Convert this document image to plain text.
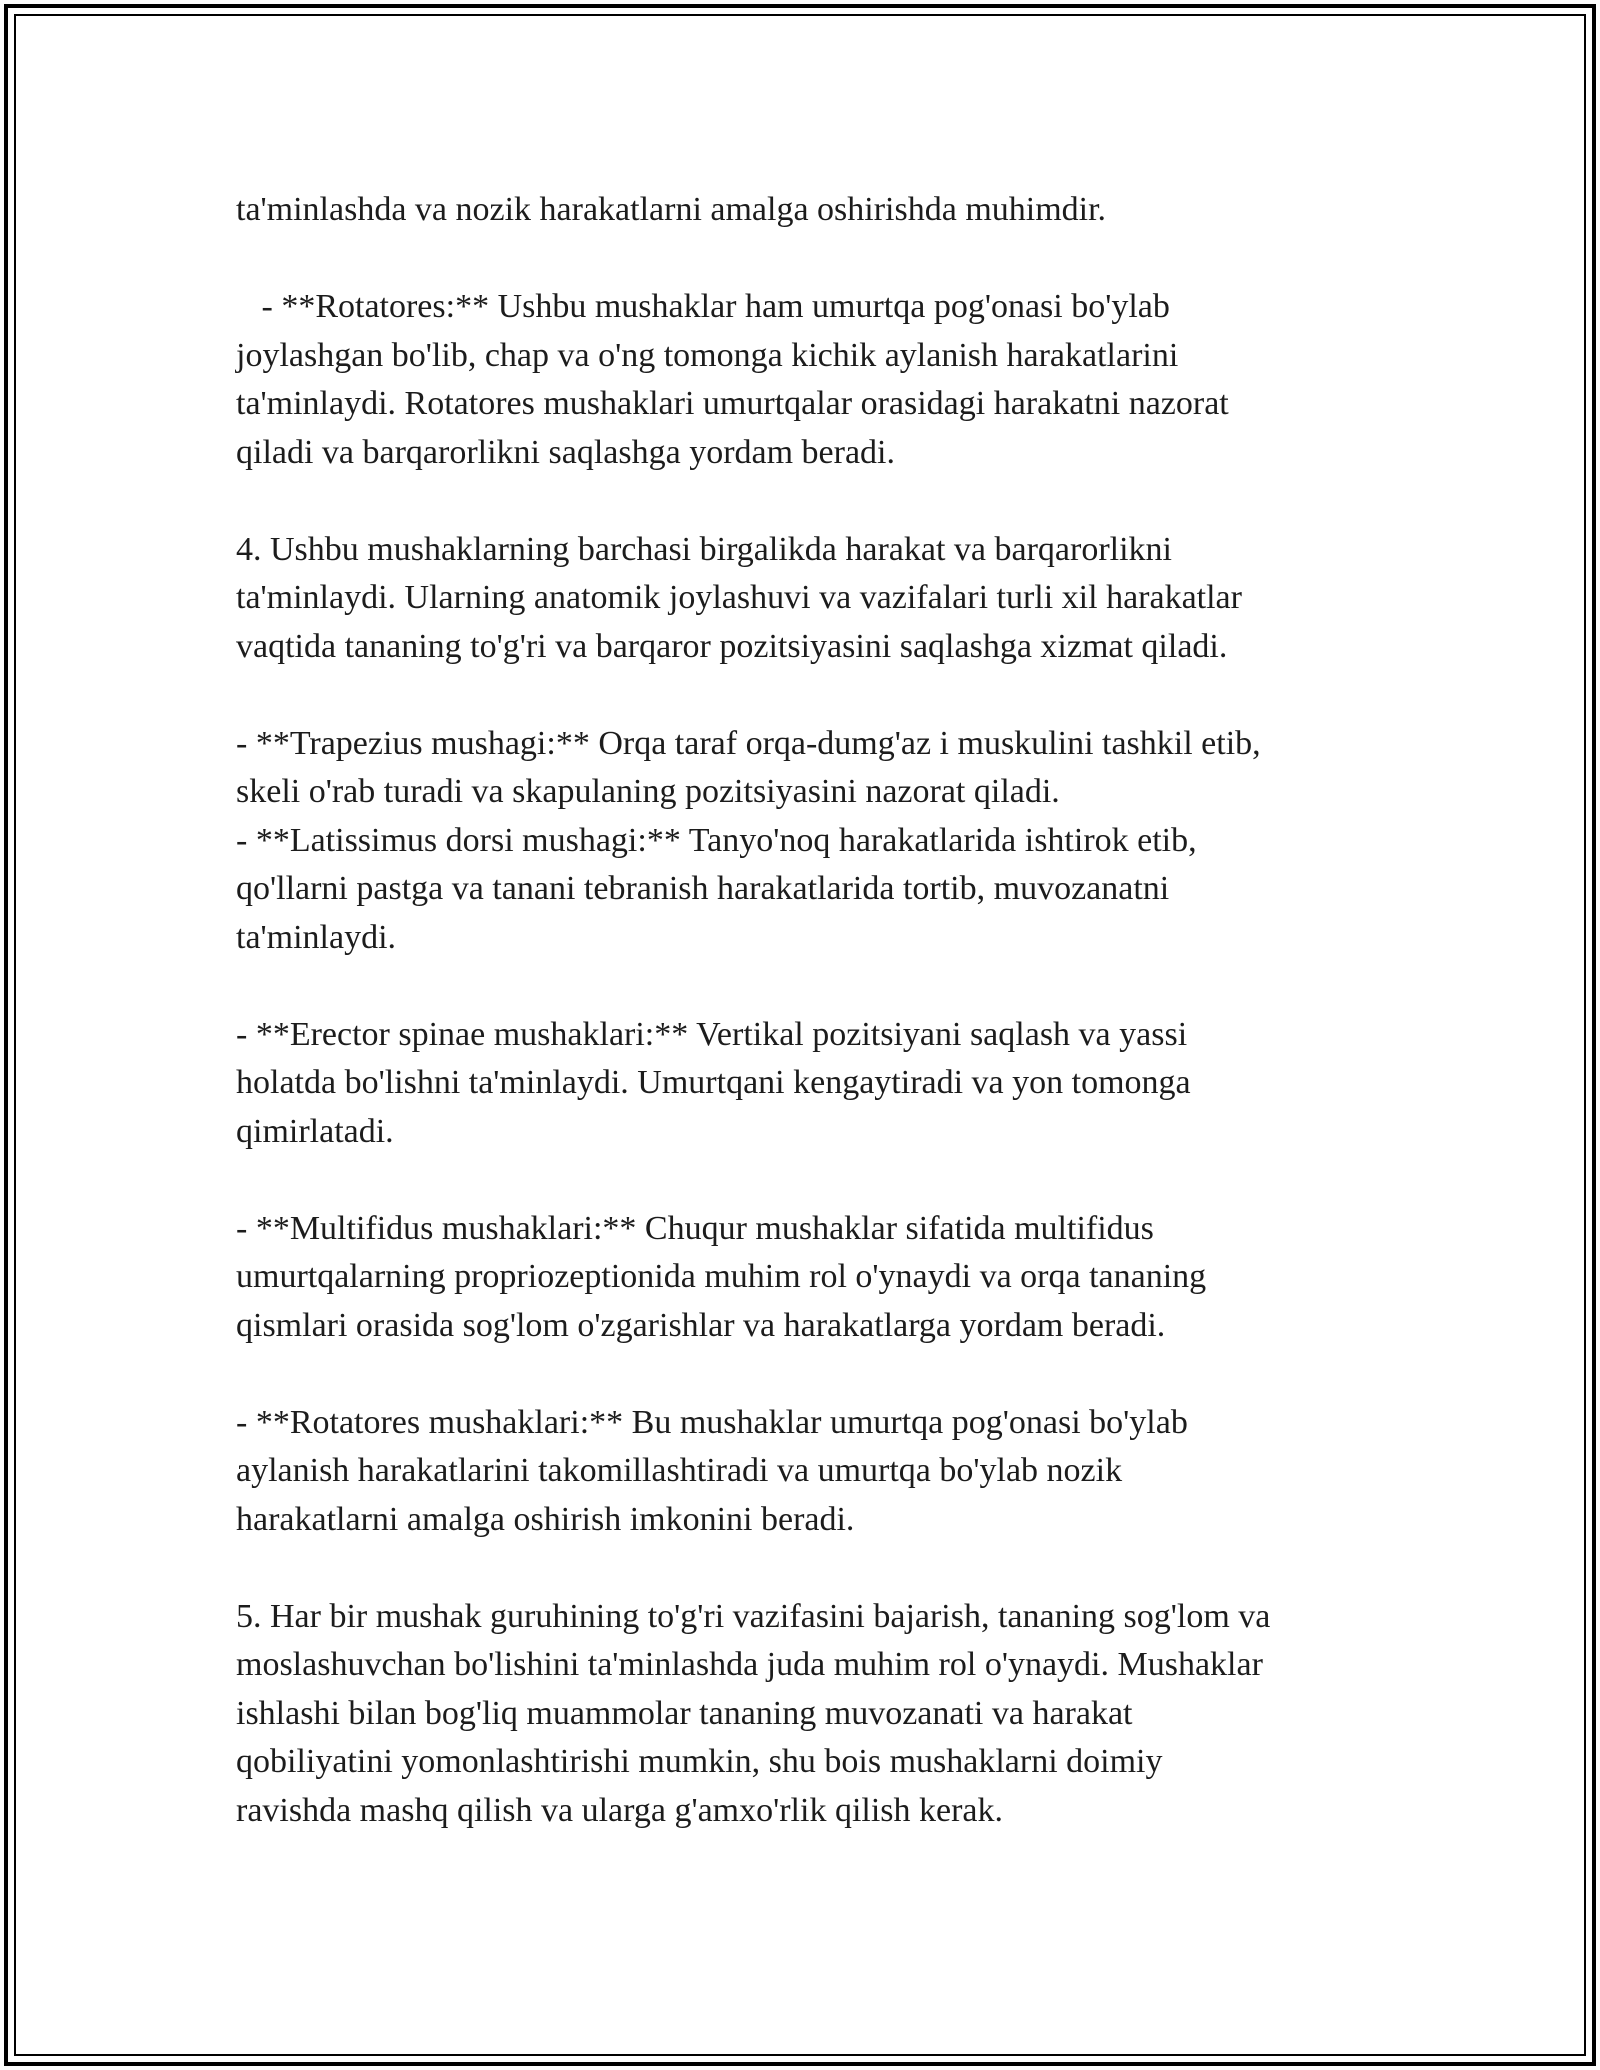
ta'minlashda va nozik harakatlarni amalga oshirishda muhimdir.
- **Rotatores:** Ushbu mushaklar ham umurtqa pog'onasi bo'ylab
joylashgan bo'lib, chap va o'ng tomonga kichik aylanish harakatlarini
ta'minlaydi. Rotatores mushaklari umurtqalar orasidagi harakatni nazorat
qiladi va barqarorlikni saqlashga yordam beradi.
4. Ushbu mushaklarning barchasi birgalikda harakat va barqarorlikni
ta'minlaydi. Ularning anatomik joylashuvi va vazifalari turli xil harakatlar
vaqtida tananing to'g'ri va barqaror pozitsiyasini saqlashga xizmat qiladi.
- **Trapezius mushagi:** Orqa taraf orqa-dumg'az i muskulini tashkil etib,
skeli o'rab turadi va skapulaning pozitsiyasini nazorat qiladi.
- **Latissimus dorsi mushagi:** Tanyo'noq harakatlarida ishtirok etib,
qo'llarni pastga va tanani tebranish harakatlarida tortib, muvozanatni
ta'minlaydi.
- **Erector spinae mushaklari:** Vertikal pozitsiyani saqlash va yassi
holatda bo'lishni ta'minlaydi. Umurtqani kengaytiradi va yon tomonga
qimirlatadi.
- **Multifidus mushaklari:** Chuqur mushaklar sifatida multifidus
umurtqalarning propriozeptionida muhim rol o'ynaydi va orqa tananing
qismlari orasida sog'lom o'zgarishlar va harakatlarga yordam beradi.
- **Rotatores mushaklari:** Bu mushaklar umurtqa pog'onasi bo'ylab
aylanish harakatlarini takomillashtiradi va umurtqa bo'ylab nozik
harakatlarni amalga oshirish imkonini beradi.
5. Har bir mushak guruhining to'g'ri vazifasini bajarish, tananing sog'lom va
moslashuvchan bo'lishini ta'minlashda juda muhim rol o'ynaydi. Mushaklar
ishlashi bilan bog'liq muammolar tananing muvozanati va harakat
qobiliyatini yomonlashtirishi mumkin, shu bois mushaklarni doimiy
ravishda mashq qilish va ularga g'amxo'rlik qilish kerak.
